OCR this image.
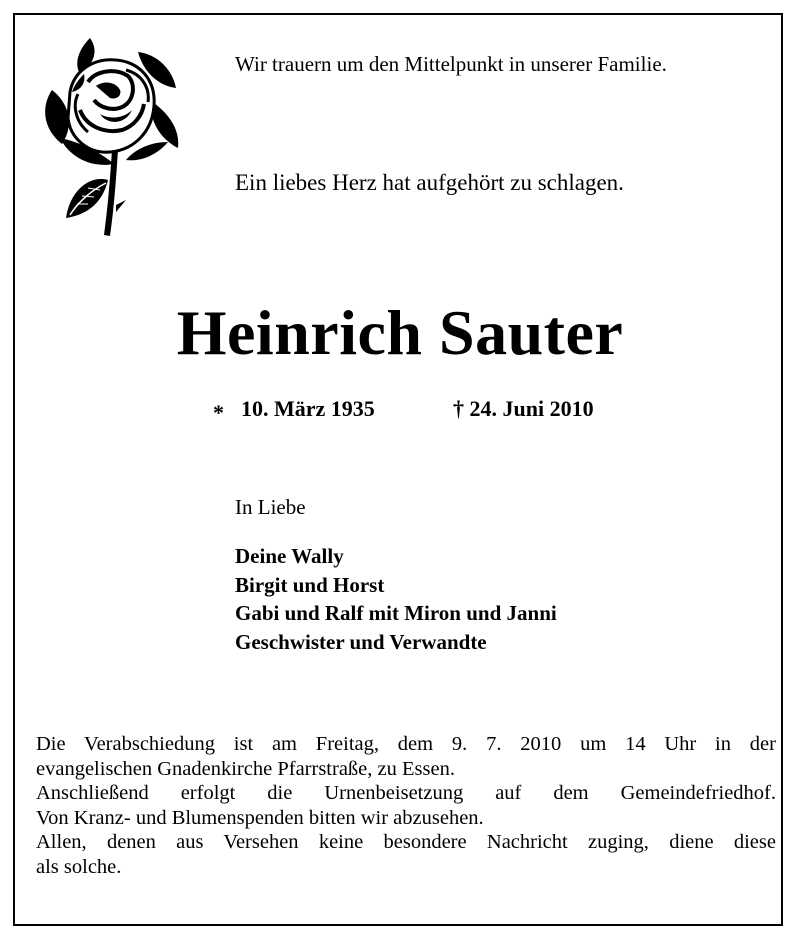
Wir trauern um den Mittelpunkt in unserer Familie.
Ein liebes Herz hat aufgehört zu schlagen.
Heinrich Sauter
* 10. März 1935	† 24. Juni 2010
In Liebe
Deine Wally
Birgit und Horst
Gabi und Ralf mit Miron und Janni
Geschwister und Verwandte
Die Verabschiedung ist am Freitag, dem 9. 7. 2010 um 14 Uhr in der
evangelischen Gnadenkirche Pfarrstraße, zu Essen.
Anschließend erfolgt die Urnenbeisetzung auf dem Gemeindefriedhof.
Von Kranz- und Blumenspenden bitten wir abzusehen.
Allen, denen aus Versehen keine besondere Nachricht zuging, diene diese
als solche.
